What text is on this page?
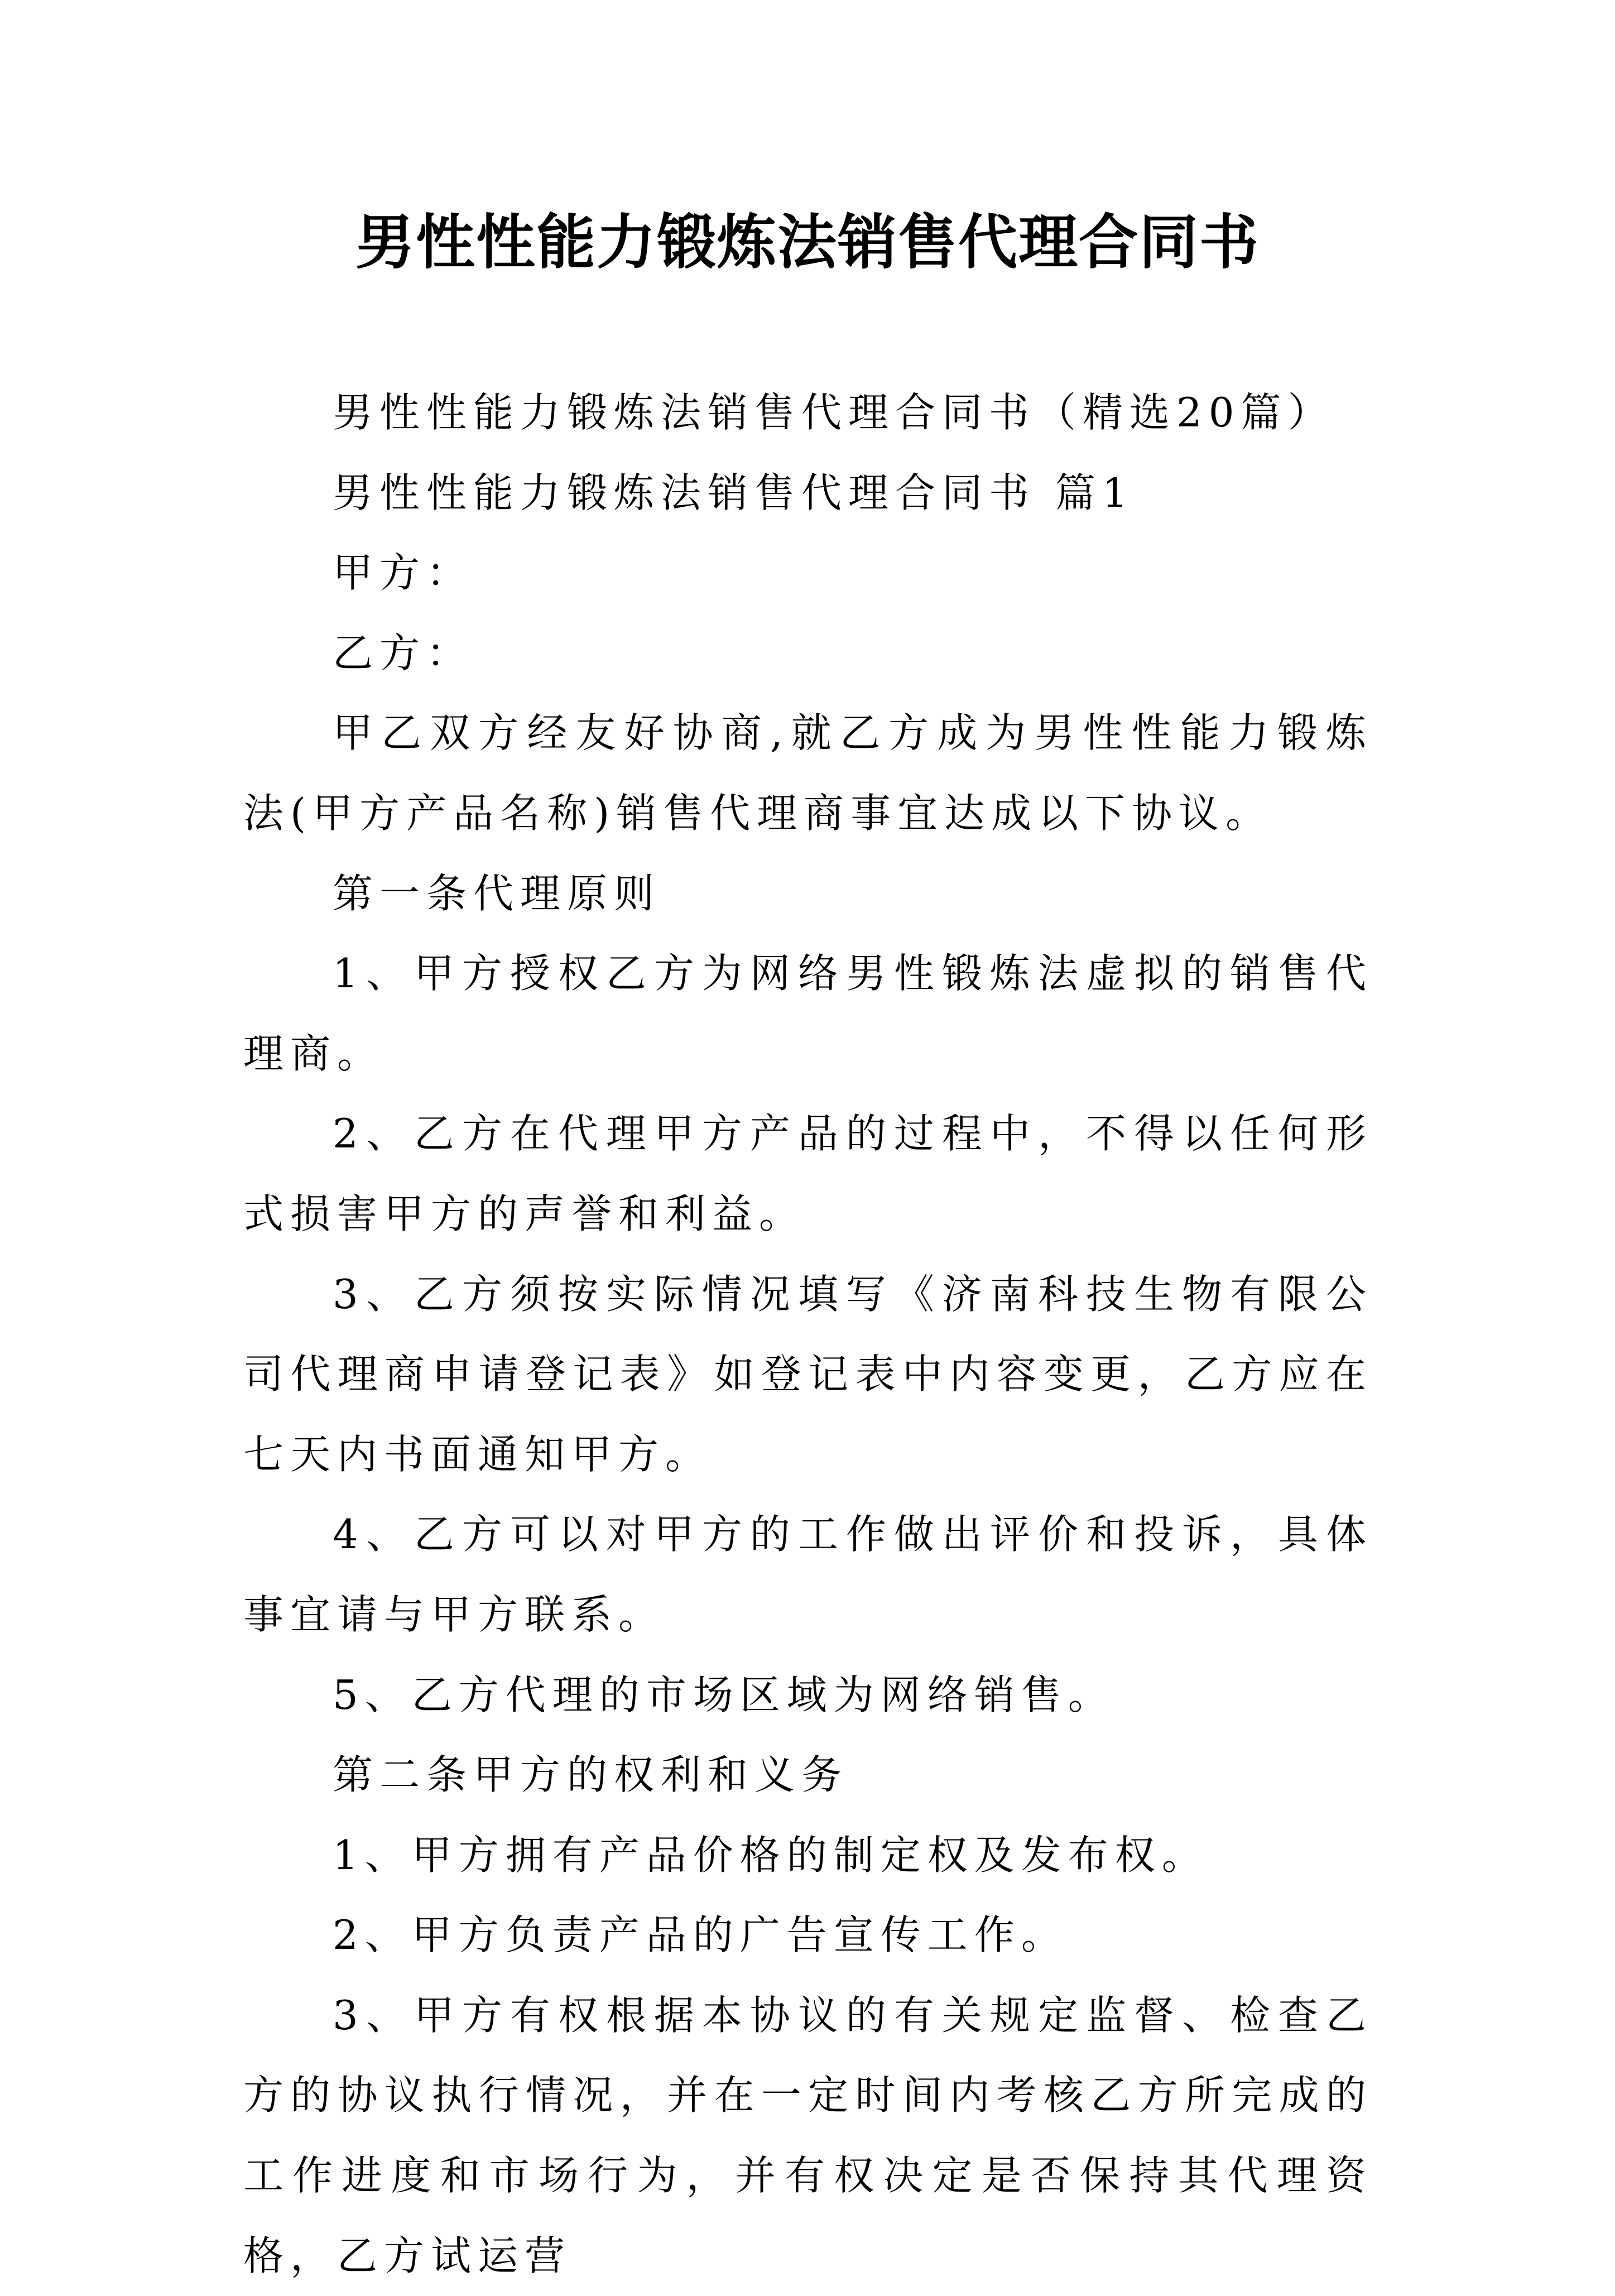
男性性能力锻炼法销售代理合同书

男性性能力锻炼法销售代理合同书（精选20篇）

男性性能力锻炼法销售代理合同书 篇1

甲方：

乙方：

甲乙双方经友好协商,就乙方成为男性性能力锻炼法(甲方产品名称)销售代理商事宜达成以下协议。

第一条代理原则

1、甲方授权乙方为网络男性锻炼法虚拟的销售代理商。

2、乙方在代理甲方产品的过程中，不得以任何形式损害甲方的声誉和利益。

3、乙方须按实际情况填写《济南科技生物有限公司代理商申请登记表》如登记表中内容变更，乙方应在七天内书面通知甲方。

4、乙方可以对甲方的工作做出评价和投诉，具体事宜请与甲方联系。

5、乙方代理的市场区域为网络销售。

第二条甲方的权利和义务

1、甲方拥有产品价格的制定权及发布权。

2、甲方负责产品的广告宣传工作。

3、甲方有权根据本协议的有关规定监督、检查乙方的协议执行情况，并在一定时间内考核乙方所完成的工作进度和市场行为，并有权决定是否保持其代理资格，乙方试运营
